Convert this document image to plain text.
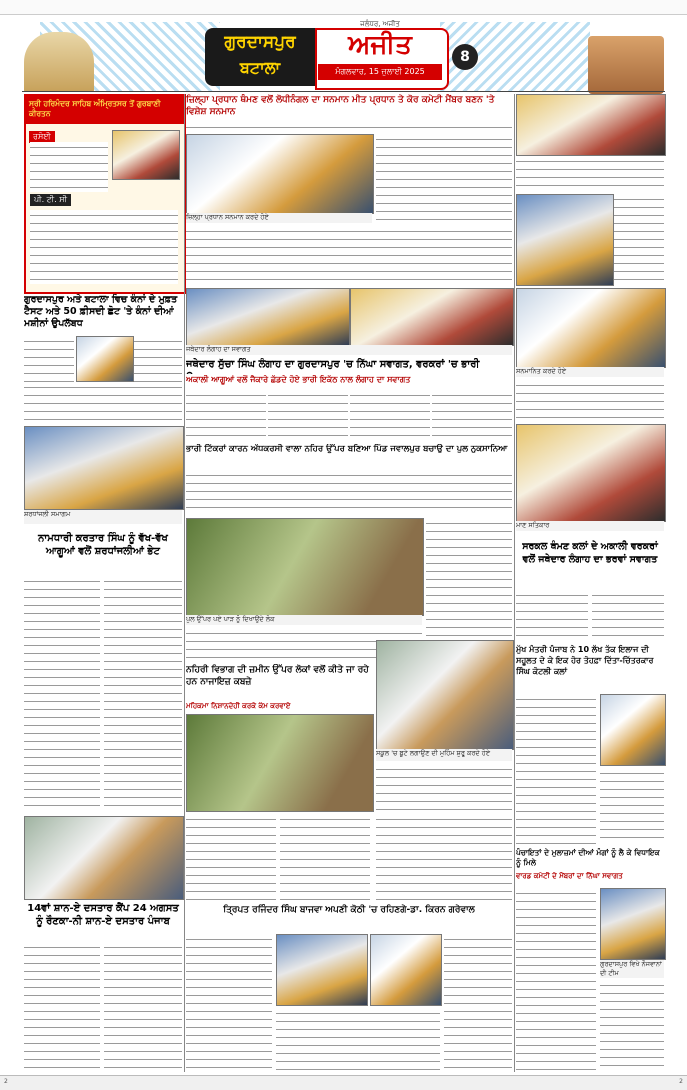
ਗੁਰਦਾਸਪੁਰ
ਬਟਾਲਾ
ਜਲੰਧਰ, ਅਜੀਤ
ਅਜੀਤ
ਮੰਗਲਵਾਰ, 15 ਜੁਲਾਈ 2025
8
ਸ੍ਰੀ ਹਰਿਮੰਦਰ ਸਾਹਿਬ ਅੰਮ੍ਰਿਤਸਰ ਤੋਂ ਗੁਰਬਾਣੀ ਕੀਰਤਨ
ਰਸੋਈ
ਪੀ. ਟੀ. ਸੀ
ਗੁਰਦਾਸਪੁਰ ਅਤੇ ਬਟਾਲਾ ਵਿਚ ਕੰਨਾਂ ਦੇ ਮੁਫ਼ਤ ਟੈਸਟ ਅਤੇ 50 ਫ਼ੀਸਦੀ ਛੋਟ 'ਤੇ ਕੰਨਾਂ ਦੀਆਂ ਮਸ਼ੀਨਾਂ ਉਪਲੱਬਧ
ਸ਼ਰਧਾਂਜਲੀ ਸਮਾਗਮ
ਨਾਮਧਾਰੀ ਕਰਤਾਰ ਸਿੰਘ ਨੂੰ ਵੱਖ-ਵੱਖ ਆਗੂਆਂ ਵਲੋਂ ਸ਼ਰਧਾਂਜਲੀਆਂ ਭੇਟ
14ਵਾਂ ਸ਼ਾਨ-ਏ ਦਸਤਾਰ ਕੈਂਪ 24 ਅਗਸਤ ਨੂੰ ਰੌਣਕਾ-ਨੀ ਸ਼ਾਨ-ਏ ਦਸਤਾਰ ਪੰਜਾਬ
ਜ਼ਿਲ੍ਹਾ ਪ੍ਰਧਾਨ ਥੰਮਣ ਵਲੋਂ ਲੋਧੀਨੰਗਲ ਦਾ ਸਨਮਾਨ ਮੀਤ ਪ੍ਰਧਾਨ ਤੇ ਕੋਰ ਕਮੇਟੀ ਮੈਂਬਰ ਬਣਨ 'ਤੇ ਵਿਸ਼ੇਸ਼ ਸਨਮਾਨ
ਜ਼ਿਲ੍ਹਾ ਪ੍ਰਧਾਨ ਸਨਮਾਨ ਕਰਦੇ ਹੋਏ
ਜਥੇਦਾਰ ਲੰਗਾਹ ਦਾ ਸਵਾਗਤ
ਜਥੇਦਾਰ ਸੁੱਚਾ ਸਿੰਘ ਲੰਗਾਹ ਦਾ ਗੁਰਦਾਸਪੁਰ 'ਚ ਨਿੱਘਾ ਸਵਾਗਤ, ਵਰਕਰਾਂ 'ਚ ਭਾਰੀ
ਅਕਾਲੀ ਆਗੂਆਂ ਵਲੋਂ ਜੈਕਾਰੇ ਛੱਡਦੇ ਹੋਏ ਭਾਰੀ ਇਕੱਠ ਨਾਲ ਲੰਗਾਹ ਦਾ ਸਵਾਗਤ
ਭਾਰੀ ਟਿੱਕਰਾਂ ਕਾਰਨ ਅੱਧਕਰਸੀ ਵਾਲਾ ਨਹਿਰ ਉੱਪਰ ਬਣਿਆ ਪਿੰਡ ਜਵਾਲਪੁਰ ਬਚਾਉ ਦਾ ਪੁਲ ਨੁਕਸਾਨਿਆ
ਪੁਲ ਉੱਪਰ ਪਏ ਪਾੜ ਨੂੰ ਦਿਖਾਉਂਦੇ ਲੋਕ
ਨਹਿਰੀ ਵਿਭਾਗ ਦੀ ਜ਼ਮੀਨ ਉੱਪਰ ਲੋਕਾਂ ਵਲੋਂ ਕੀਤੇ ਜਾ ਰਹੇ ਹਨ ਨਾਜਾਇਜ਼ ਕਬਜ਼ੇ
ਮਹਿਕਮਾ ਨਿਸ਼ਾਨਦੇਹੀ ਕਰਕੇ ਕੰਮ ਕਰਵਾਏ
ਸਕੂਲ 'ਚ ਬੂਟੇ ਲਗਾਉਣ ਦੀ ਮੁਹਿੰਮ ਸ਼ੁਰੂ ਕਰਦੇ ਹੋਏ
ਤ੍ਰਿਪਤ ਰਜਿੰਦਰ ਸਿੰਘ ਬਾਜਵਾ ਅਪਣੀ ਕੋਠੀ 'ਚ ਰਹਿਣਗੇ-ਡਾ. ਕਿਰਨ ਗਰੇਵਾਲ
ਸਨਮਾਨਿਤ ਕਰਦੇ ਹੋਏ
ਮਾਣ ਸਤਿਕਾਰ
ਸਰਕਲ ਥੰਮਣ ਕਲਾਂ ਦੇ ਅਕਾਲੀ ਵਰਕਰਾਂ ਵਲੋਂ ਜਥੇਦਾਰ ਲੰਗਾਹ ਦਾ ਭਰਵਾਂ ਸਵਾਗਤ
ਮੁੱਖ ਮੰਤਰੀ ਪੰਜਾਬ ਨੇ 10 ਲੱਖ ਤੱਕ ਇਲਾਜ ਦੀ ਸਹੂਲਤ ਦੇ ਕੇ ਇਕ ਹੋਰ ਤੋਹਫ਼ਾ ਦਿੱਤਾ-ਚਿੱਤਰਕਾਰ ਸਿੰਘ ਕੋਟਲੀ ਕਲਾਂ
ਪੰਚਾਇਤਾਂ ਦੇ ਮੁਲਾਜ਼ਮਾਂ ਦੀਆਂ ਮੰਗਾਂ ਨੂੰ ਲੈ ਕੇ ਵਿਧਾਇਕ ਨੂੰ ਮਿਲੇ
ਵਾਰਡ ਕਮੇਟੀ ਦੇ ਮੈਂਬਰਾਂ ਦਾ ਨਿੱਘਾ ਸਵਾਗਤ
ਗੁਰਦਾਸਪੁਰ ਵਿਖੇ ਨੌਜਵਾਨਾਂ ਦੀ ਟੀਮ
2	2
